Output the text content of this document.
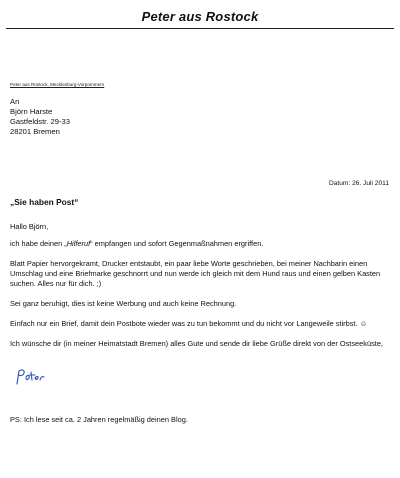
Peter aus Rostock
Peter aus Rostock, Mecklenburg-Vorpommern
An
Björn Harste
Gastfeldstr. 29-33
28201 Bremen
Datum: 26. Juli 2011
„Sie haben Post“

Hallo Björn,

ich habe deinen „Hilferuf“ empfangen und sofort Gegenmaßnahmen ergriffen.

Blatt Papier hervorgekramt, Drucker entstaubt, ein paar liebe Worte geschrieben, bei meiner Nachbarin einen Umschlag und eine Briefmarke geschnorrt und nun werde ich gleich mit dem Hund raus und einen gelben Kasten suchen. Alles nur für dich. ;)

Sei ganz beruhigt, dies ist keine Werbung und auch keine Rechnung.

Einfach nur ein Brief, damit dein Postbote wieder was zu tun bekommt und du nicht vor Langeweile stirbst. ☺

Ich wünsche dir (in meiner Heimatstadt Bremen) alles Gute und sende dir liebe Grüße direkt von der Ostseeküste,

PS: Ich lese seit ca. 2 Jahren regelmäßig deinen Blog.
